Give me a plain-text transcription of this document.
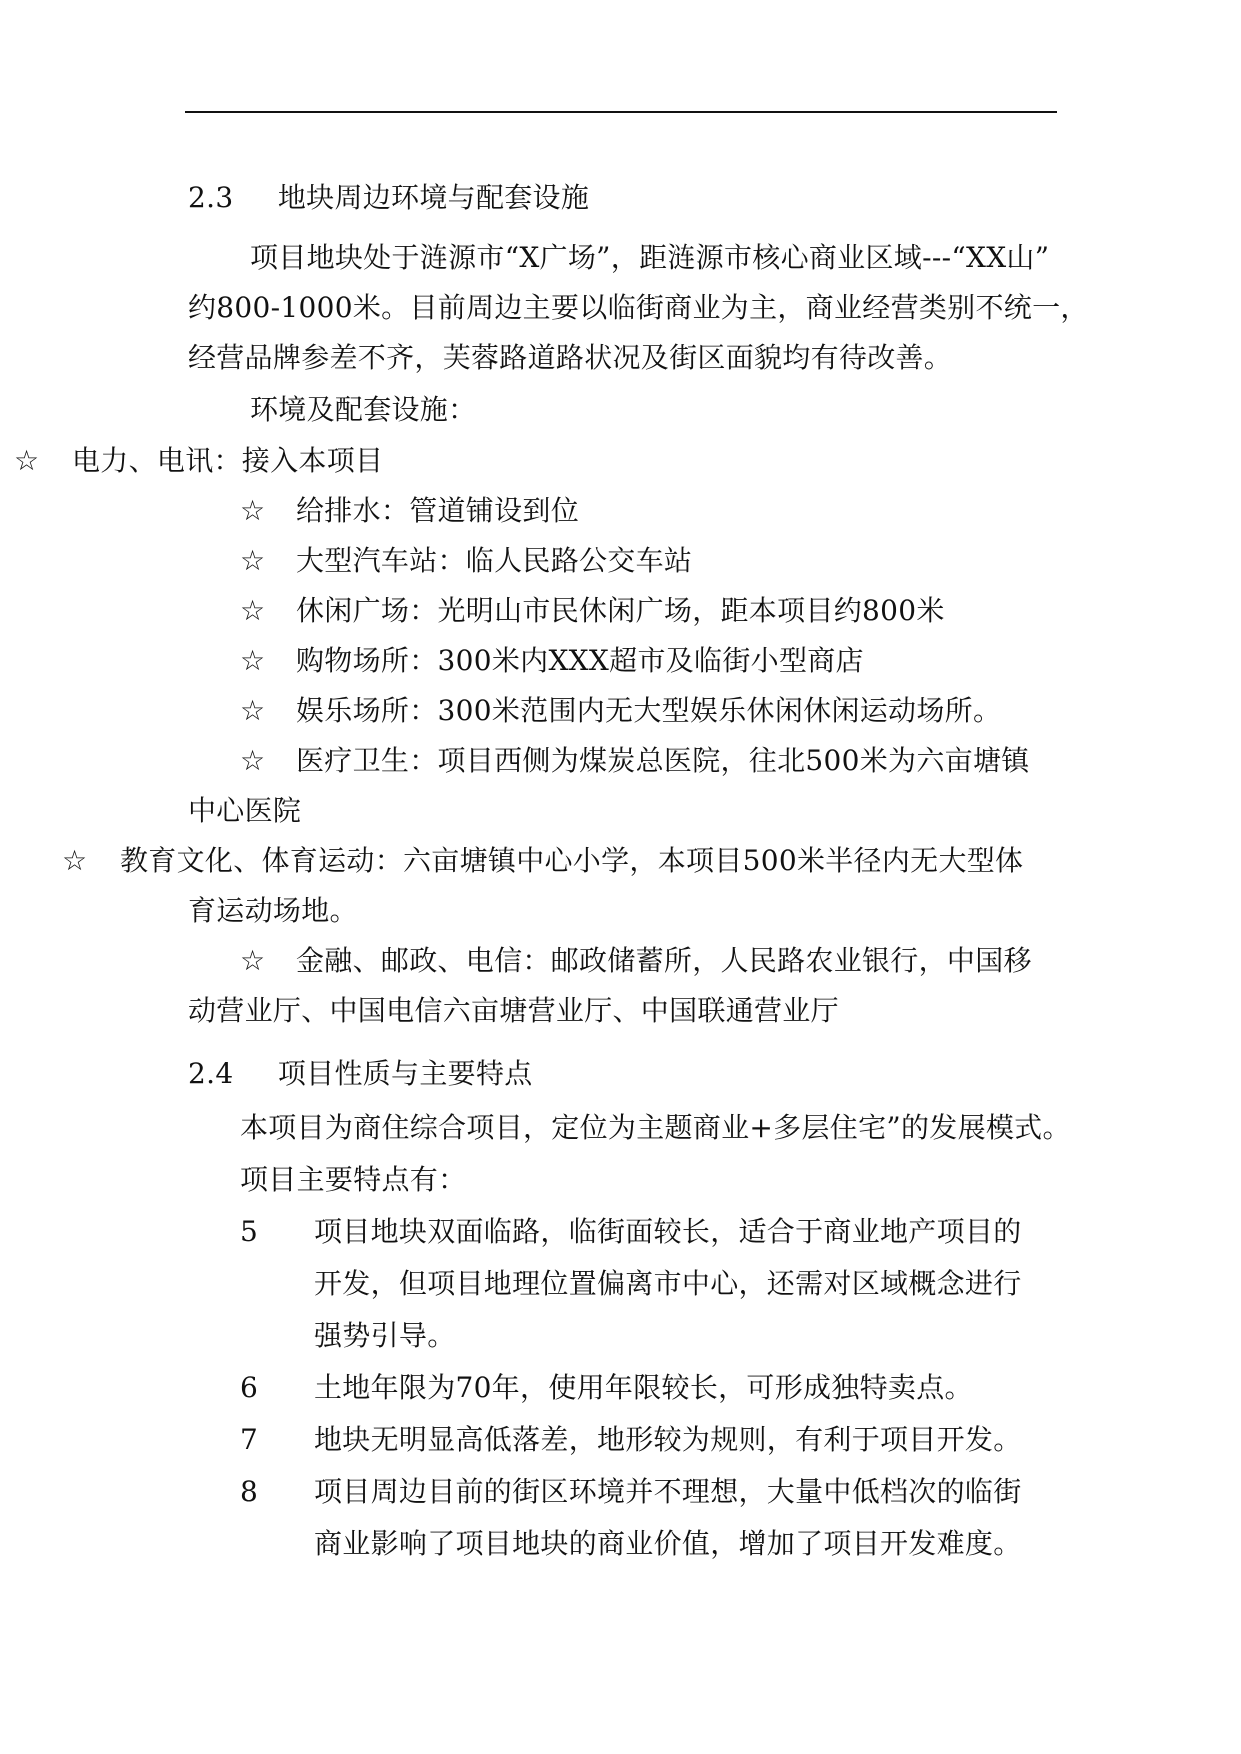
2.3 地块周边环境与配套设施
项目地块处于涟源市“X广场”，距涟源市核心商业区域---“XX山”
约800-1000米。目前周边主要以临街商业为主，商业经营类别不统一，
经营品牌参差不齐，芙蓉路道路状况及街区面貌均有待改善。
环境及配套设施：
☆ 电力、电讯：接入本项目
☆ 给排水：管道铺设到位
☆ 大型汽车站：临人民路公交车站
☆ 休闲广场：光明山市民休闲广场，距本项目约800米
☆ 购物场所：300米内XXX超市及临街小型商店
☆ 娱乐场所：300米范围内无大型娱乐休闲休闲运动场所。
☆ 医疗卫生：项目西侧为煤炭总医院，往北500米为六亩塘镇
中心医院
☆ 教育文化、体育运动：六亩塘镇中心小学，本项目500米半径内无大型体
育运动场地。
☆ 金融、邮政、电信：邮政储蓄所，人民路农业银行，中国移
动营业厅、中国电信六亩塘营业厅、中国联通营业厅
2.4 项目性质与主要特点
本项目为商住综合项目，定位为主题商业+多层住宅”的发展模式。
项目主要特点有：
5 项目地块双面临路，临街面较长，适合于商业地产项目的
开发，但项目地理位置偏离市中心，还需对区域概念进行
强势引导。
6 土地年限为70年，使用年限较长，可形成独特卖点。
7 地块无明显高低落差，地形较为规则，有利于项目开发。
8 项目周边目前的街区环境并不理想，大量中低档次的临街
商业影响了项目地块的商业价值，增加了项目开发难度。
